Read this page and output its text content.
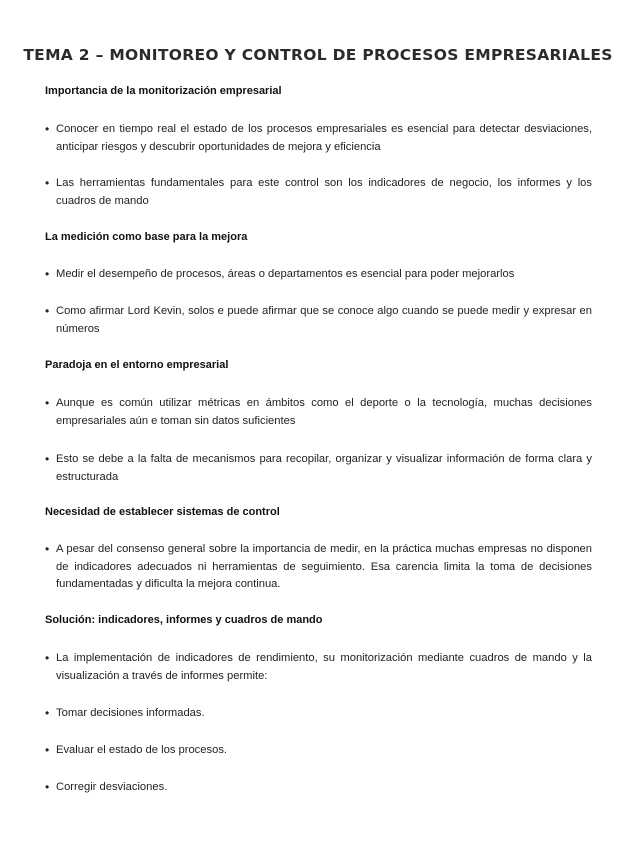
TEMA 2 – MONITOREO Y CONTROL DE PROCESOS EMPRESARIALES
Importancia de la monitorización empresarial
Conocer en tiempo real el estado de los procesos empresariales es esencial para detectar desviaciones, anticipar riesgos y descubrir oportunidades de mejora y eficiencia
Las herramientas fundamentales para este control son los indicadores de negocio, los informes y los cuadros de mando
La medición como base para la mejora
Medir el desempeño de procesos, áreas o departamentos es esencial para poder mejorarlos
Como afirmar Lord Kevin, solos e puede afirmar que se conoce algo cuando se puede medir y expresar en números
Paradoja en el entorno empresarial
Aunque es común utilizar métricas en ámbitos como el deporte o la tecnología, muchas decisiones empresariales aún e toman sin datos suficientes
Esto se debe a la falta de mecanismos para recopilar, organizar y visualizar información de forma clara y estructurada
Necesidad de establecer sistemas de control
A pesar del consenso general sobre la importancia de medir, en la práctica muchas empresas no disponen de indicadores adecuados ni herramientas de seguimiento. Esa carencia limita la toma de decisiones fundamentadas y dificulta la mejora continua.
Solución: indicadores, informes y cuadros de mando
La implementación de indicadores de rendimiento, su monitorización mediante cuadros de mando y la visualización a través de informes permite:
Tomar decisiones informadas.
Evaluar el estado de los procesos.
Corregir desviaciones.
